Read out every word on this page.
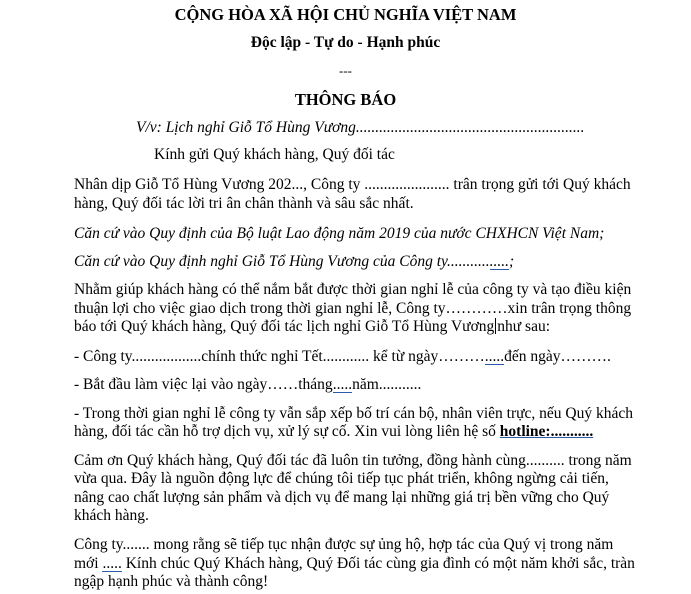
CỘNG HÒA XÃ HỘI CHỦ NGHĨA VIỆT NAM
Độc lập - Tự do - Hạnh phúc
---
THÔNG BÁO
V/v: Lịch nghỉ Giỗ Tổ Hùng Vương...........................................................
Kính gửi Quý khách hàng, Quý đối tác
Nhân dịp Giỗ Tổ Hùng Vương 202..., Công ty ...................... trân trọng gửi tới Quý khách
hàng, Quý đối tác lời tri ân chân thành và sâu sắc nhất.
Căn cứ vào Quy định của Bộ luật Lao động năm 2019 của nước CHXHCN Việt Nam;
Căn cứ vào Quy định nghỉ Giỗ Tổ Hùng Vương của Công ty................;
Nhằm giúp khách hàng có thể nắm bắt được thời gian nghỉ lễ của công ty và tạo điều kiện
thuận lợi cho việc giao dịch trong thời gian nghỉ lễ, Công ty…………xin trân trọng thông
báo tới Quý khách hàng, Quý đối tác lịch nghỉ Giỗ Tổ Hùng Vương như sau:
- Công ty..................chính thức nghỉ Tết............ kể từ ngày……….....đến ngày……….
- Bắt đầu làm việc lại vào ngày……tháng.....năm...........
- Trong thời gian nghỉ lễ công ty vẫn sắp xếp bố trí cán bộ, nhân viên trực, nếu Quý khách
hàng, đối tác cần hỗ trợ dịch vụ, xử lý sự cố. Xin vui lòng liên hệ số hotline:...........
Cảm ơn Quý khách hàng, Quý đối tác đã luôn tin tưởng, đồng hành cùng.......... trong năm
vừa qua. Đây là nguồn động lực để chúng tôi tiếp tục phát triển, không ngừng cải tiến,
nâng cao chất lượng sản phẩm và dịch vụ để mang lại những giá trị bền vững cho Quý
khách hàng.
Công ty....... mong rằng sẽ tiếp tục nhận được sự ủng hộ, hợp tác của Quý vị trong năm
mới ..... Kính chúc Quý Khách hàng, Quý Đối tác cùng gia đình có một năm khởi sắc, tràn
ngập hạnh phúc và thành công!
